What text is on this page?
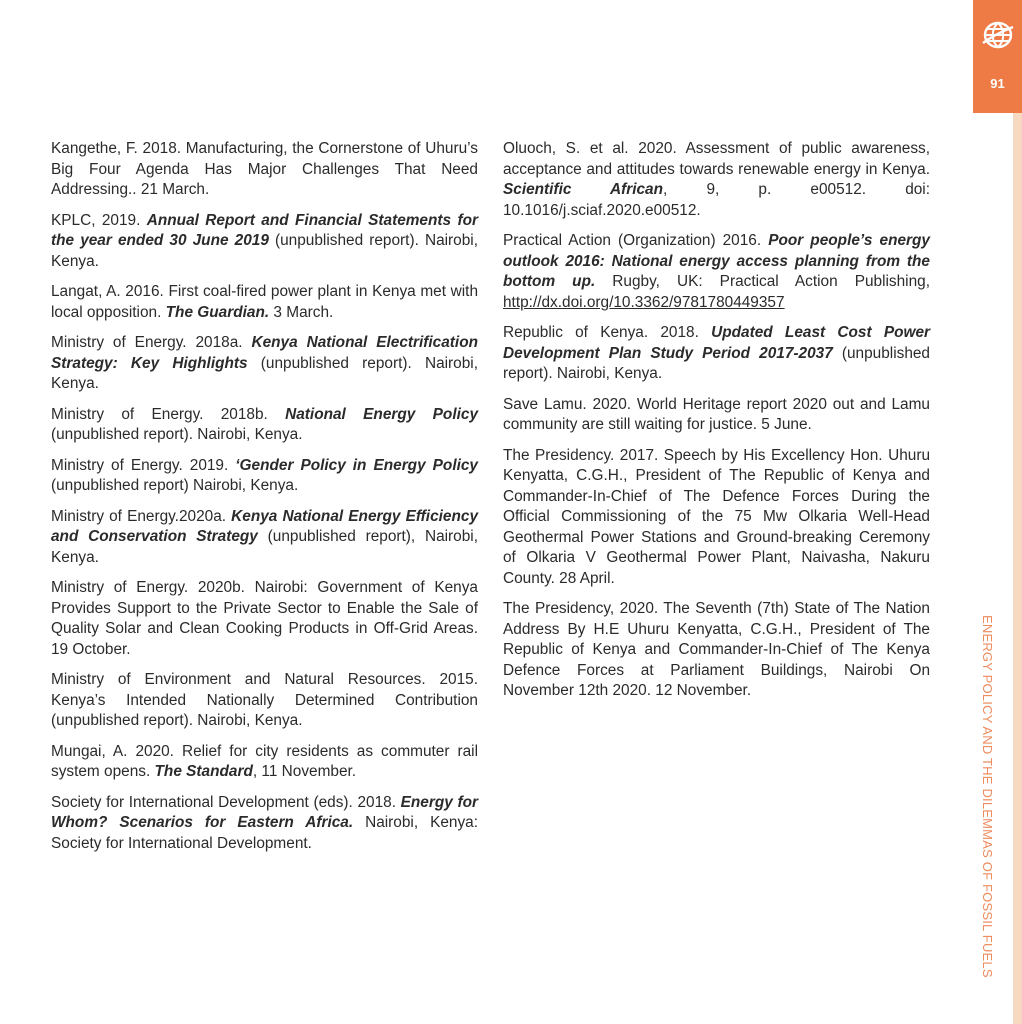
91
ENERGY POLICY AND THE DILEMMAS OF FOSSIL FUELS

Kangethe, F. 2018. Manufacturing, the Cornerstone of Uhuru’s Big Four Agenda Has Major Challenges That Need Addressing.. 21 March.

KPLC, 2019. Annual Report and Financial Statements for the year ended 30 June 2019 (unpublished report). Nairobi, Kenya.

Langat, A. 2016. First coal-fired power plant in Kenya met with local opposition. The Guardian. 3 March.

Ministry of Energy. 2018a. Kenya National Electrification Strategy: Key Highlights (unpublished report). Nairobi, Kenya.

Ministry of Energy. 2018b. National Energy Policy (unpublished report). Nairobi, Kenya.

Ministry of Energy. 2019. ‘Gender Policy in Energy Policy (unpublished report) Nairobi, Kenya.

Ministry of Energy.2020a. Kenya National Energy Efficiency and Conservation Strategy (unpublished report), Nairobi, Kenya.

Ministry of Energy. 2020b. Nairobi: Government of Kenya Provides Support to the Private Sector to Enable the Sale of Quality Solar and Clean Cooking Products in Off-Grid Areas. 19 October.

Ministry of Environment and Natural Resources. 2015. Kenya’s Intended Nationally Determined Contribution (unpublished report). Nairobi, Kenya.

Mungai, A. 2020. Relief for city residents as commuter rail system opens. The Standard, 11 November.

Society for International Development (eds). 2018. Energy for Whom? Scenarios for Eastern Africa. Nairobi, Kenya: Society for International Development.

Oluoch, S. et al. 2020. Assessment of public awareness, acceptance and attitudes towards renewable energy in Kenya. Scientific African, 9, p. e00512. doi: 10.1016/j.sciaf.2020.e00512.

Practical Action (Organization) 2016. Poor people’s energy outlook 2016: National energy access planning from the bottom up. Rugby, UK: Practical Action Publishing, http://dx.doi.org/10.3362/9781780449357

Republic of Kenya. 2018. Updated Least Cost Power Development Plan Study Period 2017-2037 (unpublished report). Nairobi, Kenya.

Save Lamu. 2020. World Heritage report 2020 out and Lamu community are still waiting for justice. 5 June.

The Presidency. 2017. Speech by His Excellency Hon. Uhuru Kenyatta, C.G.H., President of The Republic of Kenya and Commander-In-Chief of The Defence Forces During the Official Commissioning of the 75 Mw Olkaria Well-Head Geothermal Power Stations and Ground-breaking Ceremony of Olkaria V Geothermal Power Plant, Naivasha, Nakuru County. 28 April.

The Presidency, 2020. The Seventh (7th) State of The Nation Address By H.E Uhuru Kenyatta, C.G.H., President of The Republic of Kenya and Commander-In-Chief of The Kenya Defence Forces at Parliament Buildings, Nairobi On November 12th 2020. 12 November.
